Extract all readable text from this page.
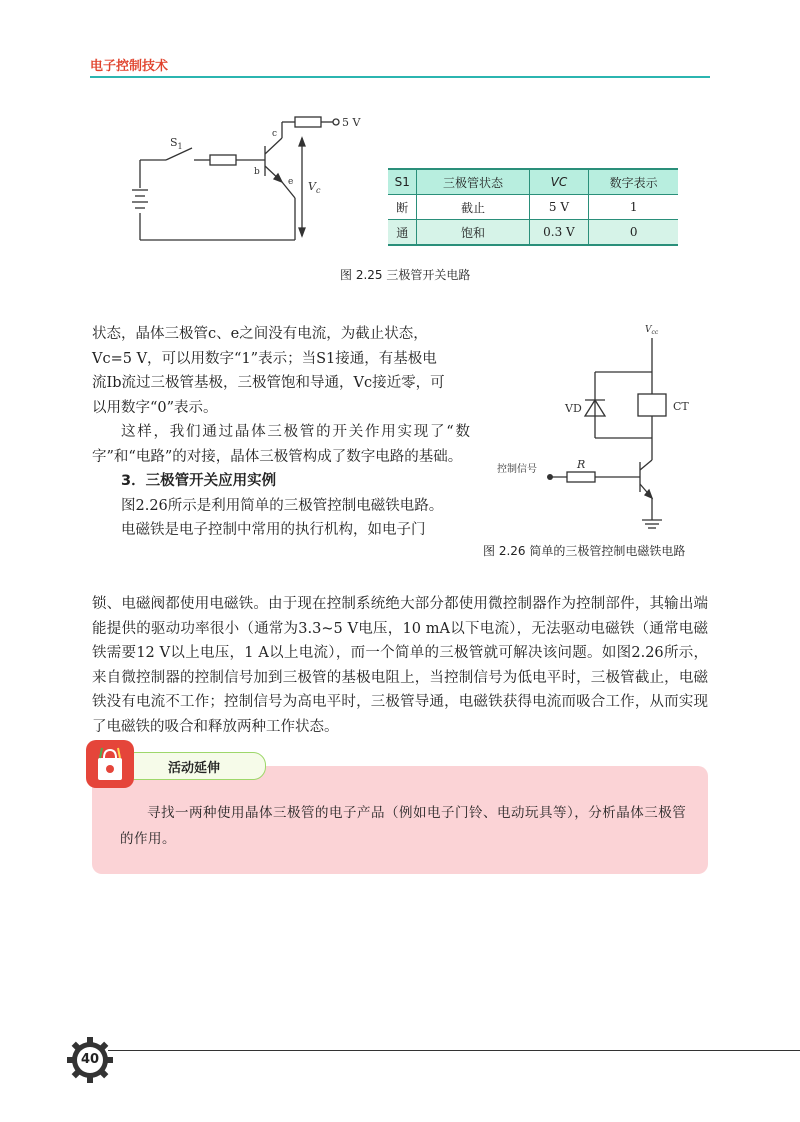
电子控制技术
$S_1$
5 V
c
b
e $V_c$
S1	三极管状态	VC	数字表示
断	截止	5 V	1
通	饱和	0.3 V	0
图 2.25 三极管开关电路
$V_{cc}$
VD	CT
控制信号	R
图 2.26 简单的三极管控制电磁铁电路

状态，晶体三极管c、e之间没有电流，为截止状态，

Vc=5 V，可以用数字“1”表示；当S1接通，有基极电

流Ib流过三极管基极，三极管饱和导通，Vc接近零，可

以用数字“0”表示。

这样，我们通过晶体三极管的开关作用实现了“数字”和“电路”的对接，晶体三极管构成了数字电路的基础。

3．三极管开关应用实例

图2.26所示是利用简单的三极管控制电磁铁电路。

电磁铁是电子控制中常用的执行机构，如电子门

锁、电磁阀都使用电磁铁。由于现在控制系统绝大部分都使用微控制器作为控制部件，其输出端能提供的驱动功率很小（通常为3.3~5 V电压，10 mA以下电流），无法驱动电磁铁（通常电磁铁需要12 V以上电压，1 A以上电流），而一个简单的三极管就可解决该问题。如图2.26所示，来自微控制器的控制信号加到三极管的基极电阻上，当控制信号为低电平时，三极管截止，电磁铁没有电流不工作；控制信号为高电平时，三极管导通，电磁铁获得电流而吸合工作，从而实现了电磁铁的吸合和释放两种工作状态。

活动延伸
寻找一两种使用晶体三极管的电子产品（例如电子门铃、电动玩具等），分析晶体三极管的作用。
40
